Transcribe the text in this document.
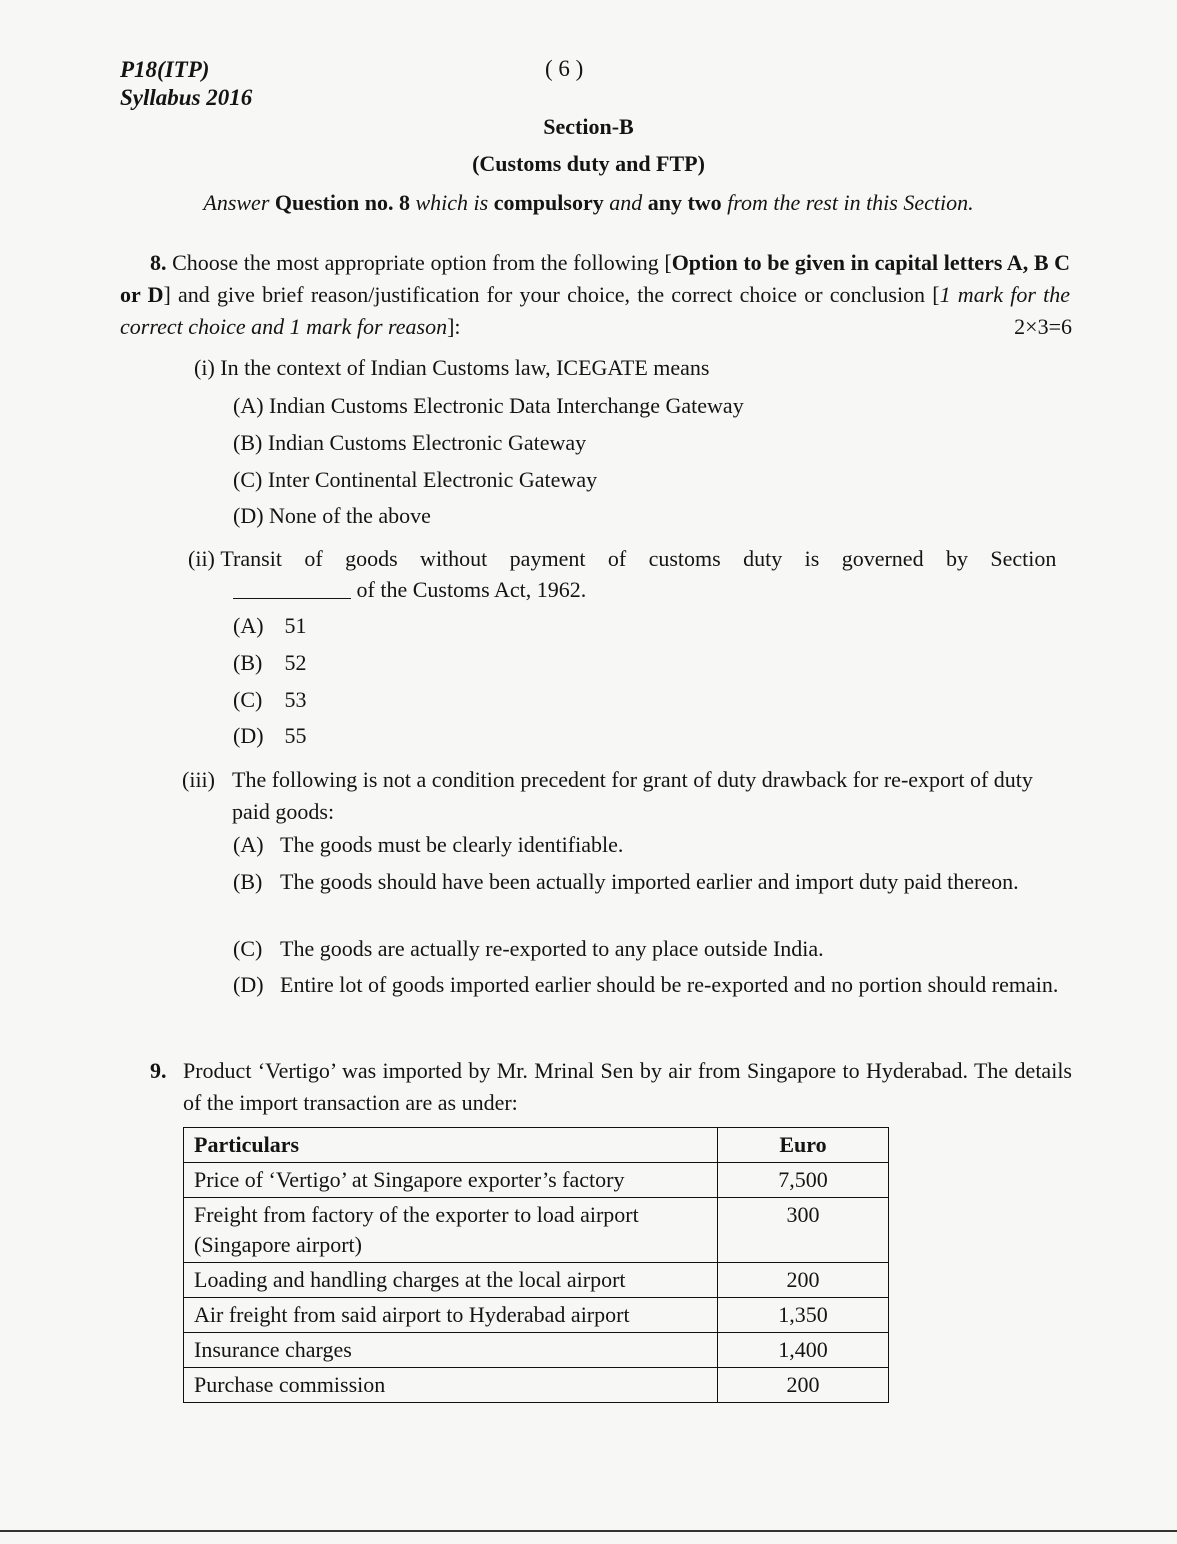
P18(ITP)
Syllabus 2016
( 6 )
Section-B
(Customs duty and FTP)
Answer Question no. 8 which is compulsory and any two from the rest in this Section.
8. Choose the most appropriate option from the following [Option to be given in capital letters A, B C or D] and give brief reason/justification for your choice, the correct choice or conclusion [1 mark for the correct choice and 1 mark for reason]:	2×3=6
(i) In the context of Indian Customs law, ICEGATE means
(A) Indian Customs Electronic Data Interchange Gateway
(B) Indian Customs Electronic Gateway
(C) Inter Continental Electronic Gateway
(D) None of the above
(ii) Transit of goods without payment of customs duty is governed by Section
of the Customs Act, 1962.
(A) 51
(B) 52
(C) 53
(D) 55
(iii) The following is not a condition precedent for grant of duty drawback for re-export of duty paid goods:
(A) The goods must be clearly identifiable.
(B) The goods should have been actually imported earlier and import duty paid thereon.
(C) The goods are actually re-exported to any place outside India.
(D) Entire lot of goods imported earlier should be re-exported and no portion should remain.
9. Product ‘Vertigo’ was imported by Mr. Mrinal Sen by air from Singapore to Hyderabad. The details of the import transaction are as under:
Particulars	Euro
Price of ‘Vertigo’ at Singapore exporter’s factory	7,500
Freight from factory of the exporter to load airport (Singapore airport)	300
Loading and handling charges at the local airport	200
Air freight from said airport to Hyderabad airport	1,350
Insurance charges	1,400
Purchase commission	200
